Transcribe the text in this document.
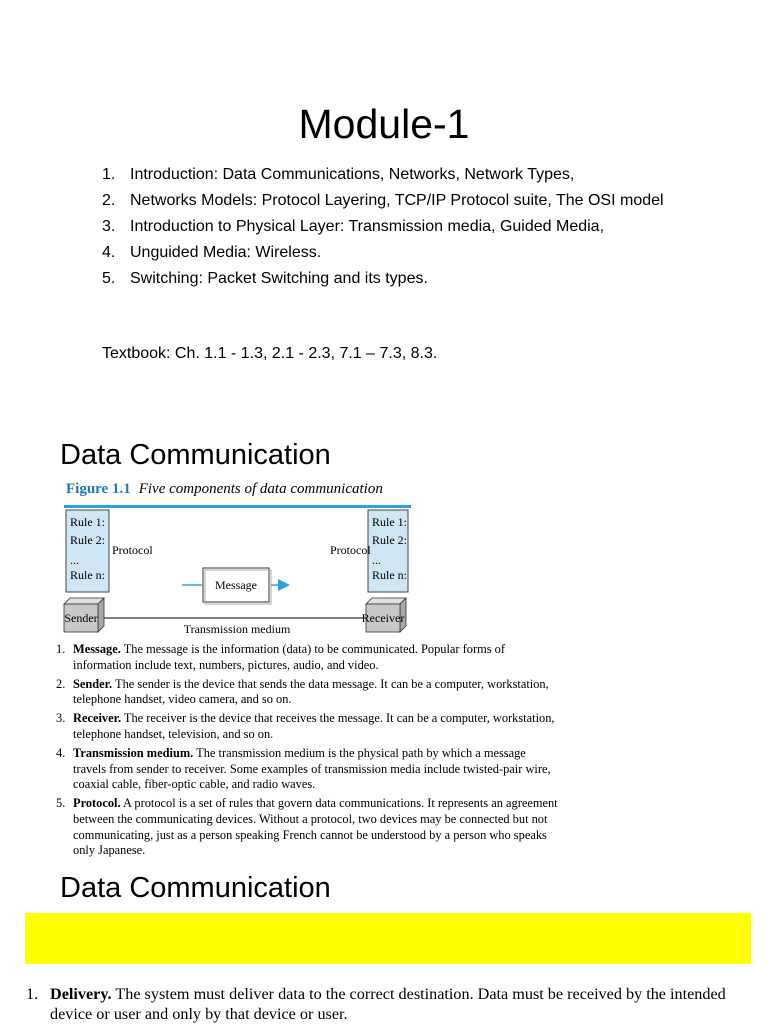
Module-1
1. Introduction: Data Communications, Networks, Network Types,
2. Networks Models: Protocol Layering, TCP/IP Protocol suite, The OSI model
3. Introduction to Physical Layer: Transmission media, Guided Media,
4. Unguided Media: Wireless.
5. Switching: Packet Switching and its types.
Textbook: Ch. 1.1 - 1.3, 2.1 - 2.3, 7.1 – 7.3, 8.3.
Data Communication
Figure 1.1 Five components of data communication
Rule 1:
Rule 2:
...
Rule n:
Protocol
Rule 1:
Rule 2:
...
Rule n:
Protocol
Message
Sender	Receiver
Transmission medium
1. Message. The message is the information (data) to be communicated. Popular forms of information include text, numbers, pictures, audio, and video.
2. Sender. The sender is the device that sends the data message. It can be a computer, workstation, telephone handset, video camera, and so on.
3. Receiver. The receiver is the device that receives the message. It can be a computer, workstation, telephone handset, television, and so on.
4. Transmission medium. The transmission medium is the physical path by which a message travels from sender to receiver. Some examples of transmission media include twisted-pair wire, coaxial cable, fiber-optic cable, and radio waves.
5. Protocol. A protocol is a set of rules that govern data communications. It represents an agreement between the communicating devices. Without a protocol, two devices may be connected but not communicating, just as a person speaking French cannot be understood by a person who speaks only Japanese.
Data Communication
1. Delivery. The system must deliver data to the correct destination. Data must be received by the intended device or user and only by that device or user.
